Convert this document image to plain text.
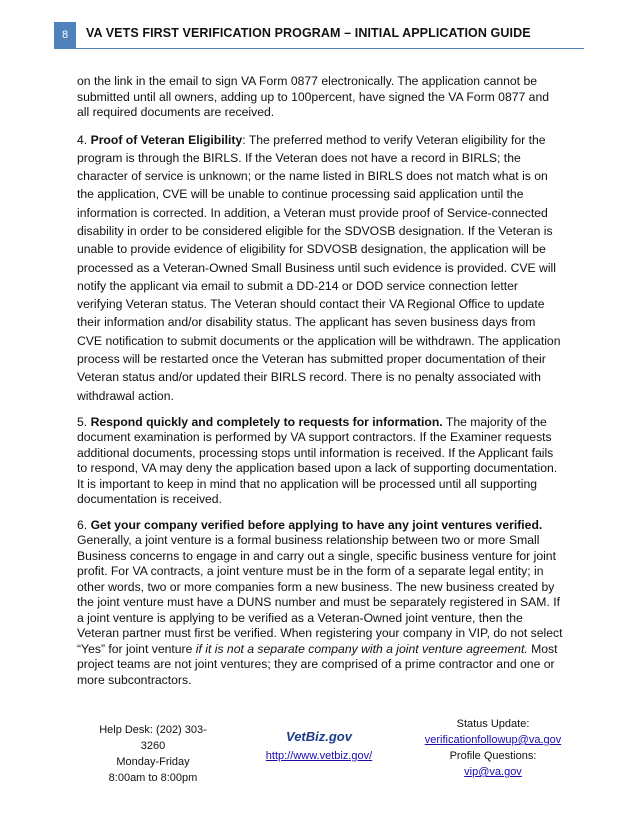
8	VA VETS FIRST VERIFICATION PROGRAM – INITIAL APPLICATION GUIDE

on the link in the email to sign VA Form 0877 electronically. The application cannot be submitted until all owners, adding up to 100percent, have signed the VA Form 0877 and all required documents are received.

4. Proof of Veteran Eligibility: The preferred method to verify Veteran eligibility for the program is through the BIRLS. If the Veteran does not have a record in BIRLS; the character of service is unknown; or the name listed in BIRLS does not match what is on the application, CVE will be unable to continue processing said application until the information is corrected. In addition, a Veteran must provide proof of Service-connected disability in order to be considered eligible for the SDVOSB designation. If the Veteran is unable to provide evidence of eligibility for SDVOSB designation, the application will be processed as a Veteran-Owned Small Business until such evidence is provided. CVE will notify the applicant via email to submit a DD-214 or DOD service connection letter verifying Veteran status. The Veteran should contact their VA Regional Office to update their information and/or disability status. The applicant has seven business days from CVE notification to submit documents or the application will be withdrawn. The application process will be restarted once the Veteran has submitted proper documentation of their Veteran status and/or updated their BIRLS record. There is no penalty associated with withdrawal action.

5. Respond quickly and completely to requests for information. The majority of the document examination is performed by VA support contractors. If the Examiner requests additional documents, processing stops until information is received. If the Applicant fails to respond, VA may deny the application based upon a lack of supporting documentation. It is important to keep in mind that no application will be processed until all supporting documentation is received.

6. Get your company verified before applying to have any joint ventures verified. Generally, a joint venture is a formal business relationship between two or more Small Business concerns to engage in and carry out a single, specific business venture for joint profit. For VA contracts, a joint venture must be in the form of a separate legal entity; in other words, two or more companies form a new business. The new business created by the joint venture must have a DUNS number and must be separately registered in SAM. If a joint venture is applying to be verified as a Veteran-Owned joint venture, then the Veteran partner must first be verified. When registering your company in VIP, do not select “Yes” for joint venture if it is not a separate company with a joint venture agreement. Most project teams are not joint ventures; they are comprised of a prime contractor and one or more subcontractors.

Help Desk: (202) 303-3260
Monday-Friday
8:00am to 8:00pm
VetBiz.gov
http://www.vetbiz.gov/
Status Update:
verificationfollowup@va.gov
Profile Questions:
vip@va.gov
